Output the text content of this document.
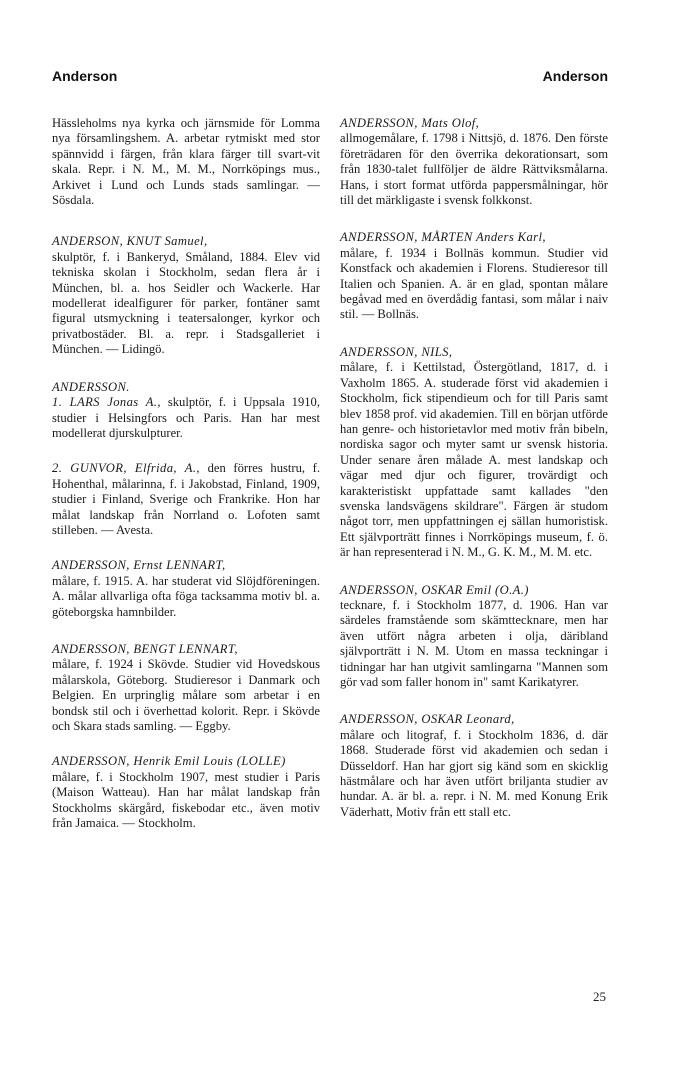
Anderson	Anderson

Hässleholms nya kyrka och järnsmide för Lomma nya församlingshem. A. arbetar rytmiskt med stor spännvidd i färgen, från klara färger till svart-vit skala. Repr. i N. M., M. M., Norrköpings mus., Arkivet i Lund och Lunds stads samlingar. — Sösdala.

ANDERSON, KNUT Samuel,

skulptör, f. i Bankeryd, Småland, 1884. Elev vid tekniska skolan i Stockholm, sedan flera år i München, bl. a. hos Seidler och Wackerle. Har modellerat idealfigurer för parker, fontäner samt figural utsmyckning i teatersalonger, kyrkor och privatbostäder. Bl. a. repr. i Stadsgalleriet i München. — Lidingö.

ANDERSSON.

1. LARS Jonas A., skulptör, f. i Uppsala 1910, studier i Helsingfors och Paris. Han har mest modellerat djurskulpturer.

2. GUNVOR, Elfrida, A., den förres hustru, f. Hohenthal, målarinna, f. i Jakobstad, Finland, 1909, studier i Finland, Sverige och Frankrike. Hon har målat landskap från Norrland o. Lofoten samt stilleben. — Avesta.

ANDERSSON, Ernst LENNART,

målare, f. 1915. A. har studerat vid Slöjdföreningen. A. målar allvarliga ofta föga tacksamma motiv bl. a. göteborgska hamnbilder.

ANDERSSON, BENGT LENNART,

målare, f. 1924 i Skövde. Studier vid Hovedskous målarskola, Göteborg. Studieresor i Danmark och Belgien. En urpringlig målare som arbetar i en bondsk stil och i överhettad kolorit. Repr. i Skövde och Skara stads samling. — Eggby.

ANDERSSON, Henrik Emil Louis (LOLLE)

målare, f. i Stockholm 1907, mest studier i Paris (Maison Watteau). Han har målat landskap från Stockholms skärgård, fiskebodar etc., även motiv från Jamaica. — Stockholm.

ANDERSSON, Mats Olof,

allmogemålare, f. 1798 i Nittsjö, d. 1876. Den förste företrädaren för den överrika dekorationsart, som från 1830-talet fullföljer de äldre Rättviksmålarna. Hans, i stort format utförda pappersmålningar, hör till det märkligaste i svensk folkkonst.

ANDERSSON, MÅRTEN Anders Karl,

målare, f. 1934 i Bollnäs kommun. Studier vid Konstfack och akademien i Florens. Studieresor till Italien och Spanien. A. är en glad, spontan målare begåvad med en överdådig fantasi, som målar i naiv stil. — Bollnäs.

ANDERSSON, NILS,

målare, f. i Kettilstad, Östergötland, 1817, d. i Vaxholm 1865. A. studerade först vid akademien i Stockholm, fick stipendieum och for till Paris samt blev 1858 prof. vid akademien. Till en början utförde han genre- och historietavlor med motiv från bibeln, nordiska sagor och myter samt ur svensk historia. Under senare åren målade A. mest landskap och vägar med djur och figurer, trovärdigt och karakteristiskt uppfattade samt kallades "den svenska landsvägens skildrare". Färgen är studom något torr, men uppfattningen ej sällan humoristisk. Ett självporträtt finnes i Norrköpings museum, f. ö. är han representerad i N. M., G. K. M., M. M. etc.

ANDERSSON, OSKAR Emil (O.A.)

tecknare, f. i Stockholm 1877, d. 1906. Han var särdeles framstående som skämttecknare, men har även utfört några arbeten i olja, däribland självporträtt i N. M. Utom en massa teckningar i tidningar har han utgivit samlingarna "Mannen som gör vad som faller honom in" samt Karikatyrer.

ANDERSSON, OSKAR Leonard,

målare och litograf, f. i Stockholm 1836, d. där 1868. Studerade först vid akademien och sedan i Düsseldorf. Han har gjort sig känd som en skicklig hästmålare och har även utfört briljanta studier av hundar. A. är bl. a. repr. i N. M. med Konung Erik Väderhatt, Motiv från ett stall etc.

25
